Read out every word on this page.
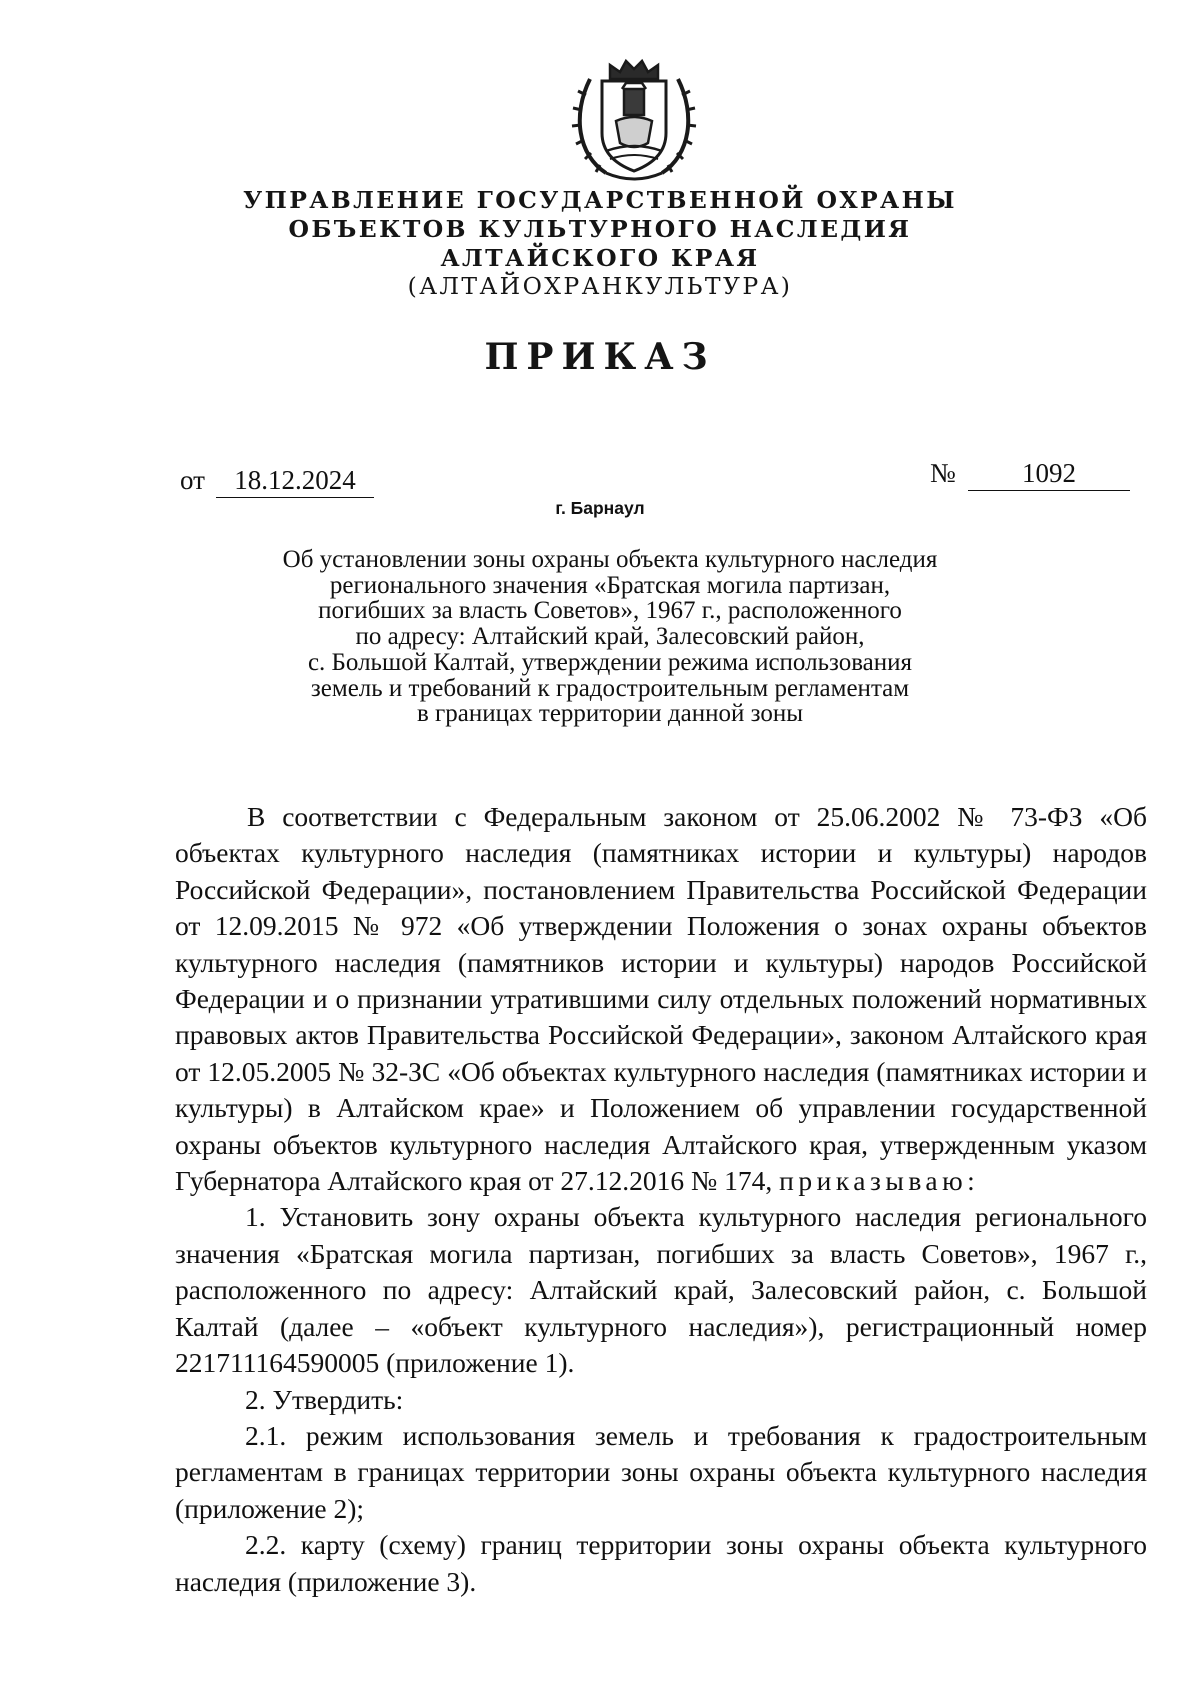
УПРАВЛЕНИЕ ГОСУДАРСТВЕННОЙ ОХРАНЫ
ОБЪЕКТОВ КУЛЬТУРНОГО НАСЛЕДИЯ
АЛТАЙСКОГО КРАЯ
(АЛТАЙОХРАНКУЛЬТУРА)
ПРИКАЗ
от	18.12.2024	№	1092
г. Барнаул
Об установлении зоны охраны объекта культурного наследия
регионального значения «Братская могила партизан,
погибших за власть Советов», 1967 г., расположенного
по адресу: Алтайский край, Залесовский район,
с. Большой Калтай, утверждении режима использования
земель и требований к градостроительным регламентам
в границах территории данной зоны

В соответствии с Федеральным законом от 25.06.2002 № 73-ФЗ «Об объектах культурного наследия (памятниках истории и культуры) народов Российской Федерации», постановлением Правительства Российской Федерации от 12.09.2015 № 972 «Об утверждении Положения о зонах охраны объектов культурного наследия (памятников истории и культуры) народов Российской Федерации и о признании утратившими силу отдельных положений нормативных правовых актов Правительства Российской Федерации», законом Алтайского края от 12.05.2005 № 32-ЗС «Об объектах культурного наследия (памятниках истории и культуры) в Алтайском крае» и Положением об управлении государственной охраны объектов культурного наследия Алтайского края, утвержденным указом Губернатора Алтайского края от 27.12.2016 № 174, приказываю:

1. Установить зону охраны объекта культурного наследия регионального значения «Братская могила партизан, погибших за власть Советов», 1967 г., расположенного по адресу: Алтайский край, Залесовский район, с. Большой Калтай (далее – «объект культурного наследия»), регистрационный номер 221711164590005 (приложение 1).

2. Утвердить:

2.1. режим использования земель и требования к градостроительным регламентам в границах территории зоны охраны объекта культурного наследия (приложение 2);

2.2. карту (схему) границ территории зоны охраны объекта культурного наследия (приложение 3).
